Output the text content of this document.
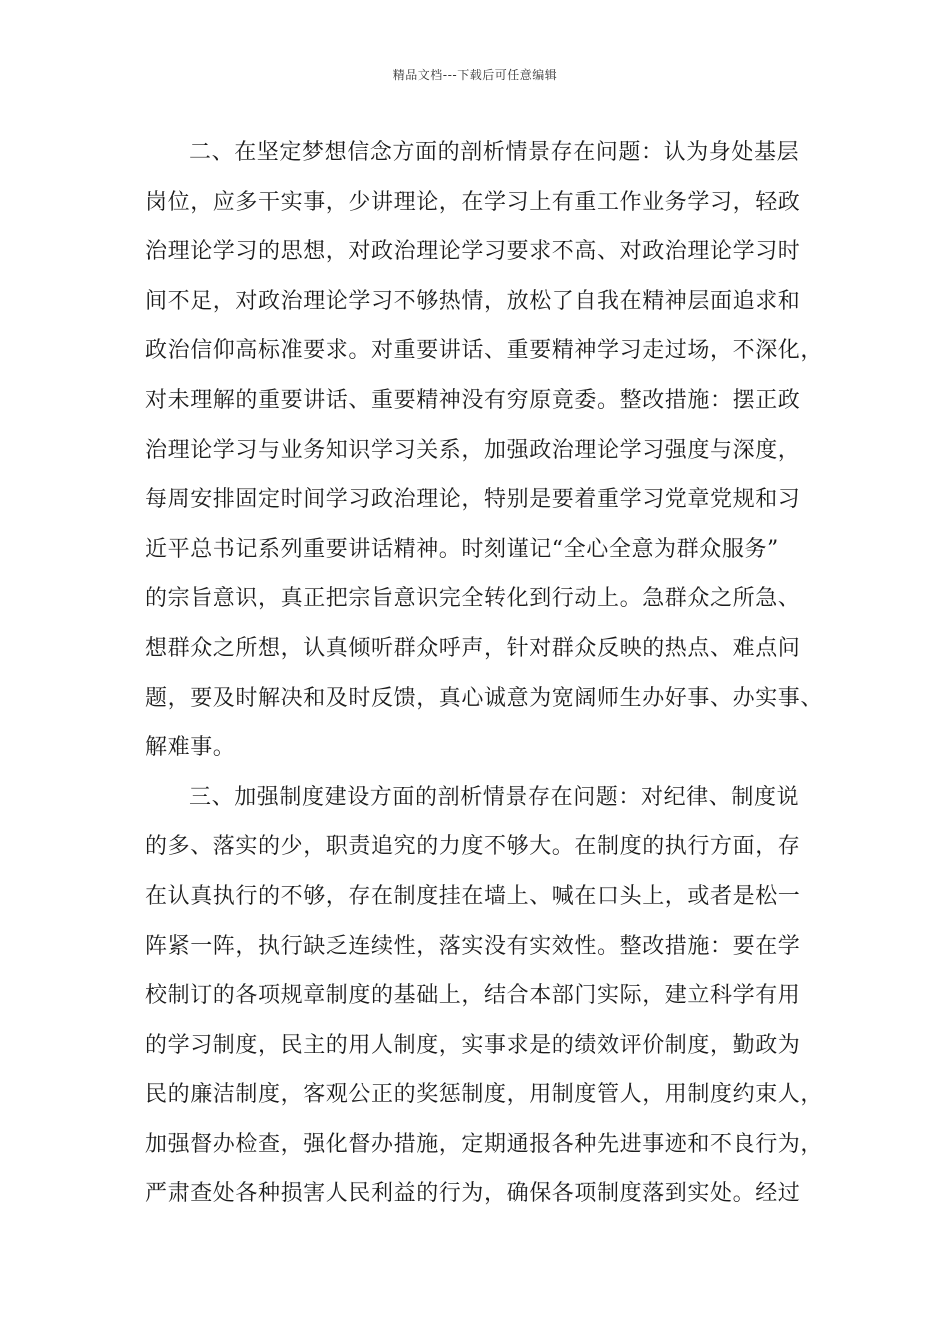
精品文档---下载后可任意编辑
二、在坚定梦想信念方面的剖析情景存在问题：认为身处基层
岗位，应多干实事，少讲理论，在学习上有重工作业务学习，轻政
治理论学习的思想，对政治理论学习要求不高、对政治理论学习时
间不足，对政治理论学习不够热情，放松了自我在精神层面追求和
政治信仰高标准要求。对重要讲话、重要精神学习走过场，不深化，
对未理解的重要讲话、重要精神没有穷原竟委。整改措施：摆正政
治理论学习与业务知识学习关系，加强政治理论学习强度与深度，
每周安排固定时间学习政治理论，特别是要着重学习党章党规和习
近平总书记系列重要讲话精神。时刻谨记“全心全意为群众服务”
的宗旨意识，真正把宗旨意识完全转化到行动上。急群众之所急、
想群众之所想，认真倾听群众呼声，针对群众反映的热点、难点问
题，要及时解决和及时反馈，真心诚意为宽阔师生办好事、办实事、
解难事。
三、加强制度建设方面的剖析情景存在问题：对纪律、制度说
的多、落实的少，职责追究的力度不够大。在制度的执行方面，存
在认真执行的不够，存在制度挂在墙上、喊在口头上，或者是松一
阵紧一阵，执行缺乏连续性，落实没有实效性。整改措施：要在学
校制订的各项规章制度的基础上，结合本部门实际，建立科学有用
的学习制度，民主的用人制度，实事求是的绩效评价制度，勤政为
民的廉洁制度，客观公正的奖惩制度，用制度管人，用制度约束人，
加强督办检查，强化督办措施，定期通报各种先进事迹和不良行为，
严肃查处各种损害人民利益的行为，确保各项制度落到实处。经过
